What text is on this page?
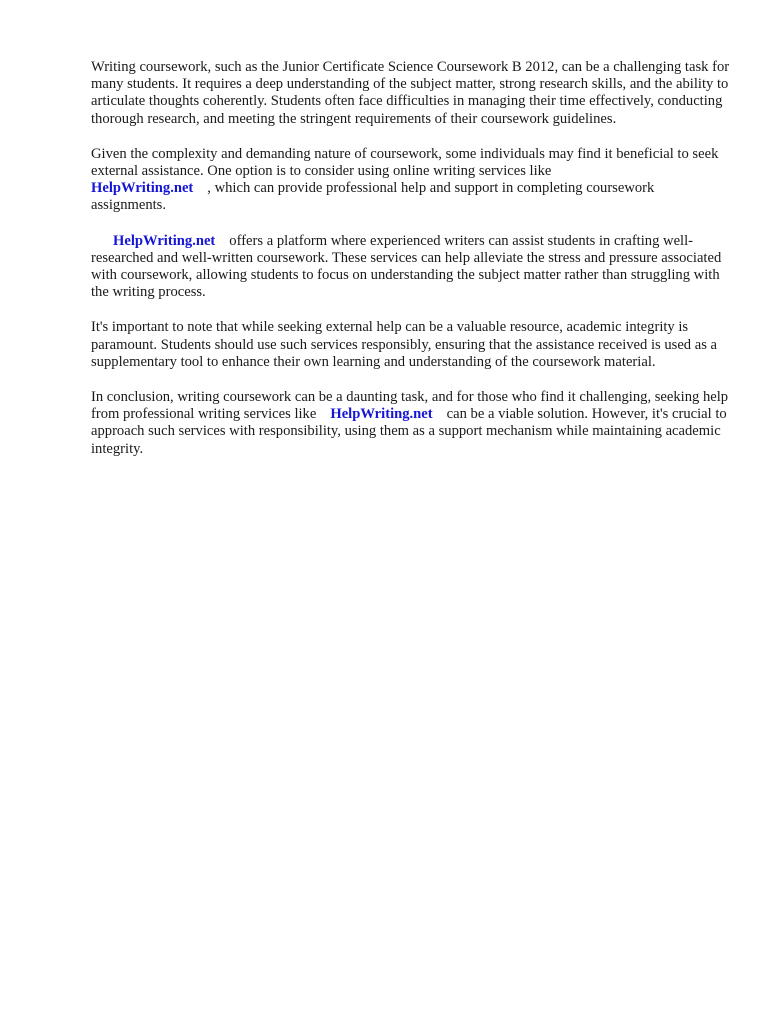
Writing coursework, such as the Junior Certificate Science Coursework B 2012, can be a challenging task for many students. It requires a deep understanding of the subject matter, strong research skills, and the ability to articulate thoughts coherently. Students often face difficulties in managing their time effectively, conducting thorough research, and meeting the stringent requirements of their coursework guidelines.

Given the complexity and demanding nature of coursework, some individuals may find it beneficial to seek external assistance. One option is to consider using online writing services like
HelpWriting.net , which can provide professional help and support in completing coursework assignments.

HelpWriting.net offers a platform where experienced writers can assist students in crafting well-researched and well-written coursework. These services can help alleviate the stress and pressure associated with coursework, allowing students to focus on understanding the subject matter rather than struggling with the writing process.

It's important to note that while seeking external help can be a valuable resource, academic integrity is paramount. Students should use such services responsibly, ensuring that the assistance received is used as a supplementary tool to enhance their own learning and understanding of the coursework material.

In conclusion, writing coursework can be a daunting task, and for those who find it challenging, seeking help from professional writing services like HelpWriting.net can be a viable solution. However, it's crucial to approach such services with responsibility, using them as a support mechanism while maintaining academic integrity.
